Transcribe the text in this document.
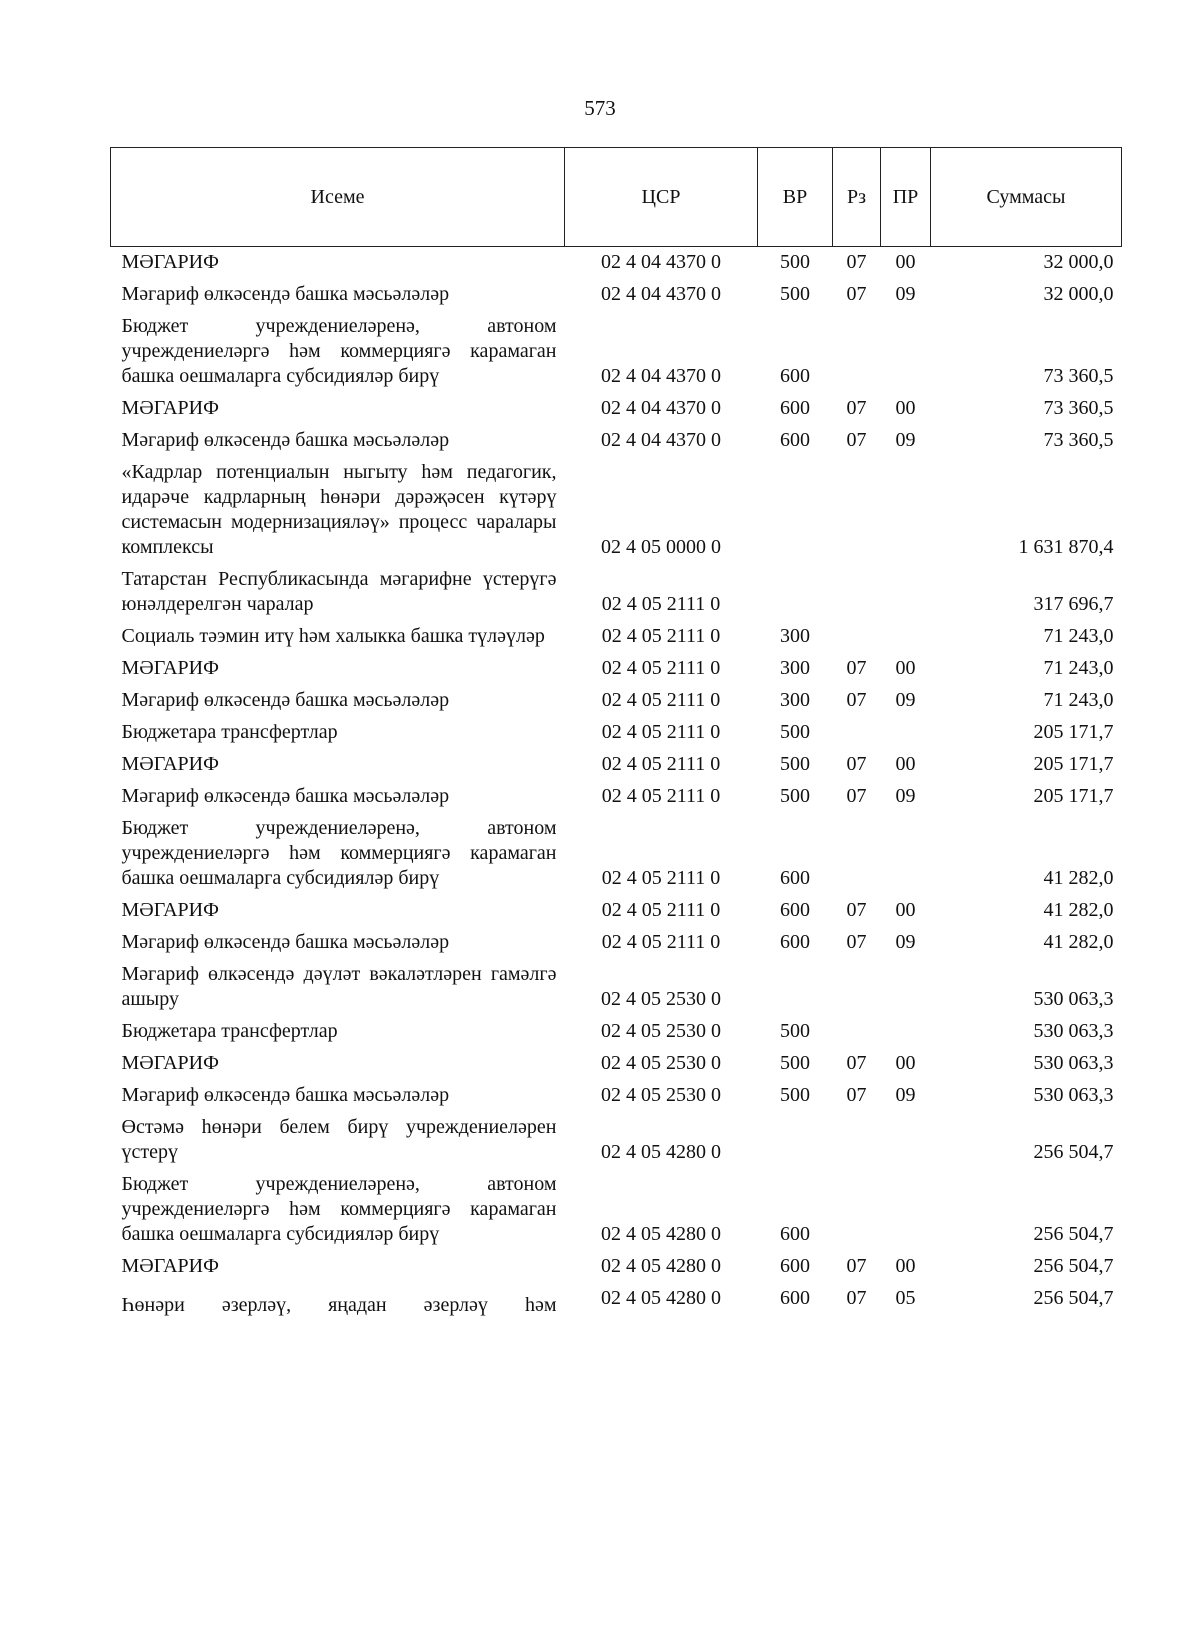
573
Исеме	ЦСР	ВР	Рз	ПР	Суммасы
МӘГАРИФ	02 4 04 4370 0	500	07	00	32 000,0
Мәгариф өлкәсендә башка мәсьәләләр	02 4 04 4370 0	500	07	09	32 000,0
Бюджет учреждениеләренә, автоном учреждениеләргә һәм коммерциягә карамаган башка оешмаларга субсидияләр бирү	02 4 04 4370 0	600			73 360,5
МӘГАРИФ	02 4 04 4370 0	600	07	00	73 360,5
Мәгариф өлкәсендә башка мәсьәләләр	02 4 04 4370 0	600	07	09	73 360,5
«Кадрлар потенциалын ныгыту һәм педагогик, идарәче кадрларның һөнәри дәрәҗәсен күтәрү системасын модернизацияләү» процесс чаралары комплексы	02 4 05 0000 0				1 631 870,4
Татарстан Республикасында мәгарифне үстерүгә юнәлдерелгән чаралар	02 4 05 2111 0				317 696,7
Социаль тәэмин итү һәм халыкка башка түләүләр	02 4 05 2111 0	300			71 243,0
МӘГАРИФ	02 4 05 2111 0	300	07	00	71 243,0
Мәгариф өлкәсендә башка мәсьәләләр	02 4 05 2111 0	300	07	09	71 243,0
Бюджетара трансфертлар	02 4 05 2111 0	500			205 171,7
МӘГАРИФ	02 4 05 2111 0	500	07	00	205 171,7
Мәгариф өлкәсендә башка мәсьәләләр	02 4 05 2111 0	500	07	09	205 171,7
Бюджет учреждениеләренә, автоном учреждениеләргә һәм коммерциягә карамаган башка оешмаларга субсидияләр бирү	02 4 05 2111 0	600			41 282,0
МӘГАРИФ	02 4 05 2111 0	600	07	00	41 282,0
Мәгариф өлкәсендә башка мәсьәләләр	02 4 05 2111 0	600	07	09	41 282,0
Мәгариф өлкәсендә дәүләт вәкаләтләрен гамәлгә ашыру	02 4 05 2530 0				530 063,3
Бюджетара трансфертлар	02 4 05 2530 0	500			530 063,3
МӘГАРИФ	02 4 05 2530 0	500	07	00	530 063,3
Мәгариф өлкәсендә башка мәсьәләләр	02 4 05 2530 0	500	07	09	530 063,3
Өстәмә һөнәри белем бирү учреждениеләрен үстерү	02 4 05 4280 0				256 504,7
Бюджет учреждениеләренә, автоном учреждениеләргә һәм коммерциягә карамаган башка оешмаларга субсидияләр бирү	02 4 05 4280 0	600			256 504,7
МӘГАРИФ	02 4 05 4280 0	600	07	00	256 504,7
Һөнәри әзерләү, яңадан әзерләү һәм	02 4 05 4280 0	600	07	05	256 504,7
